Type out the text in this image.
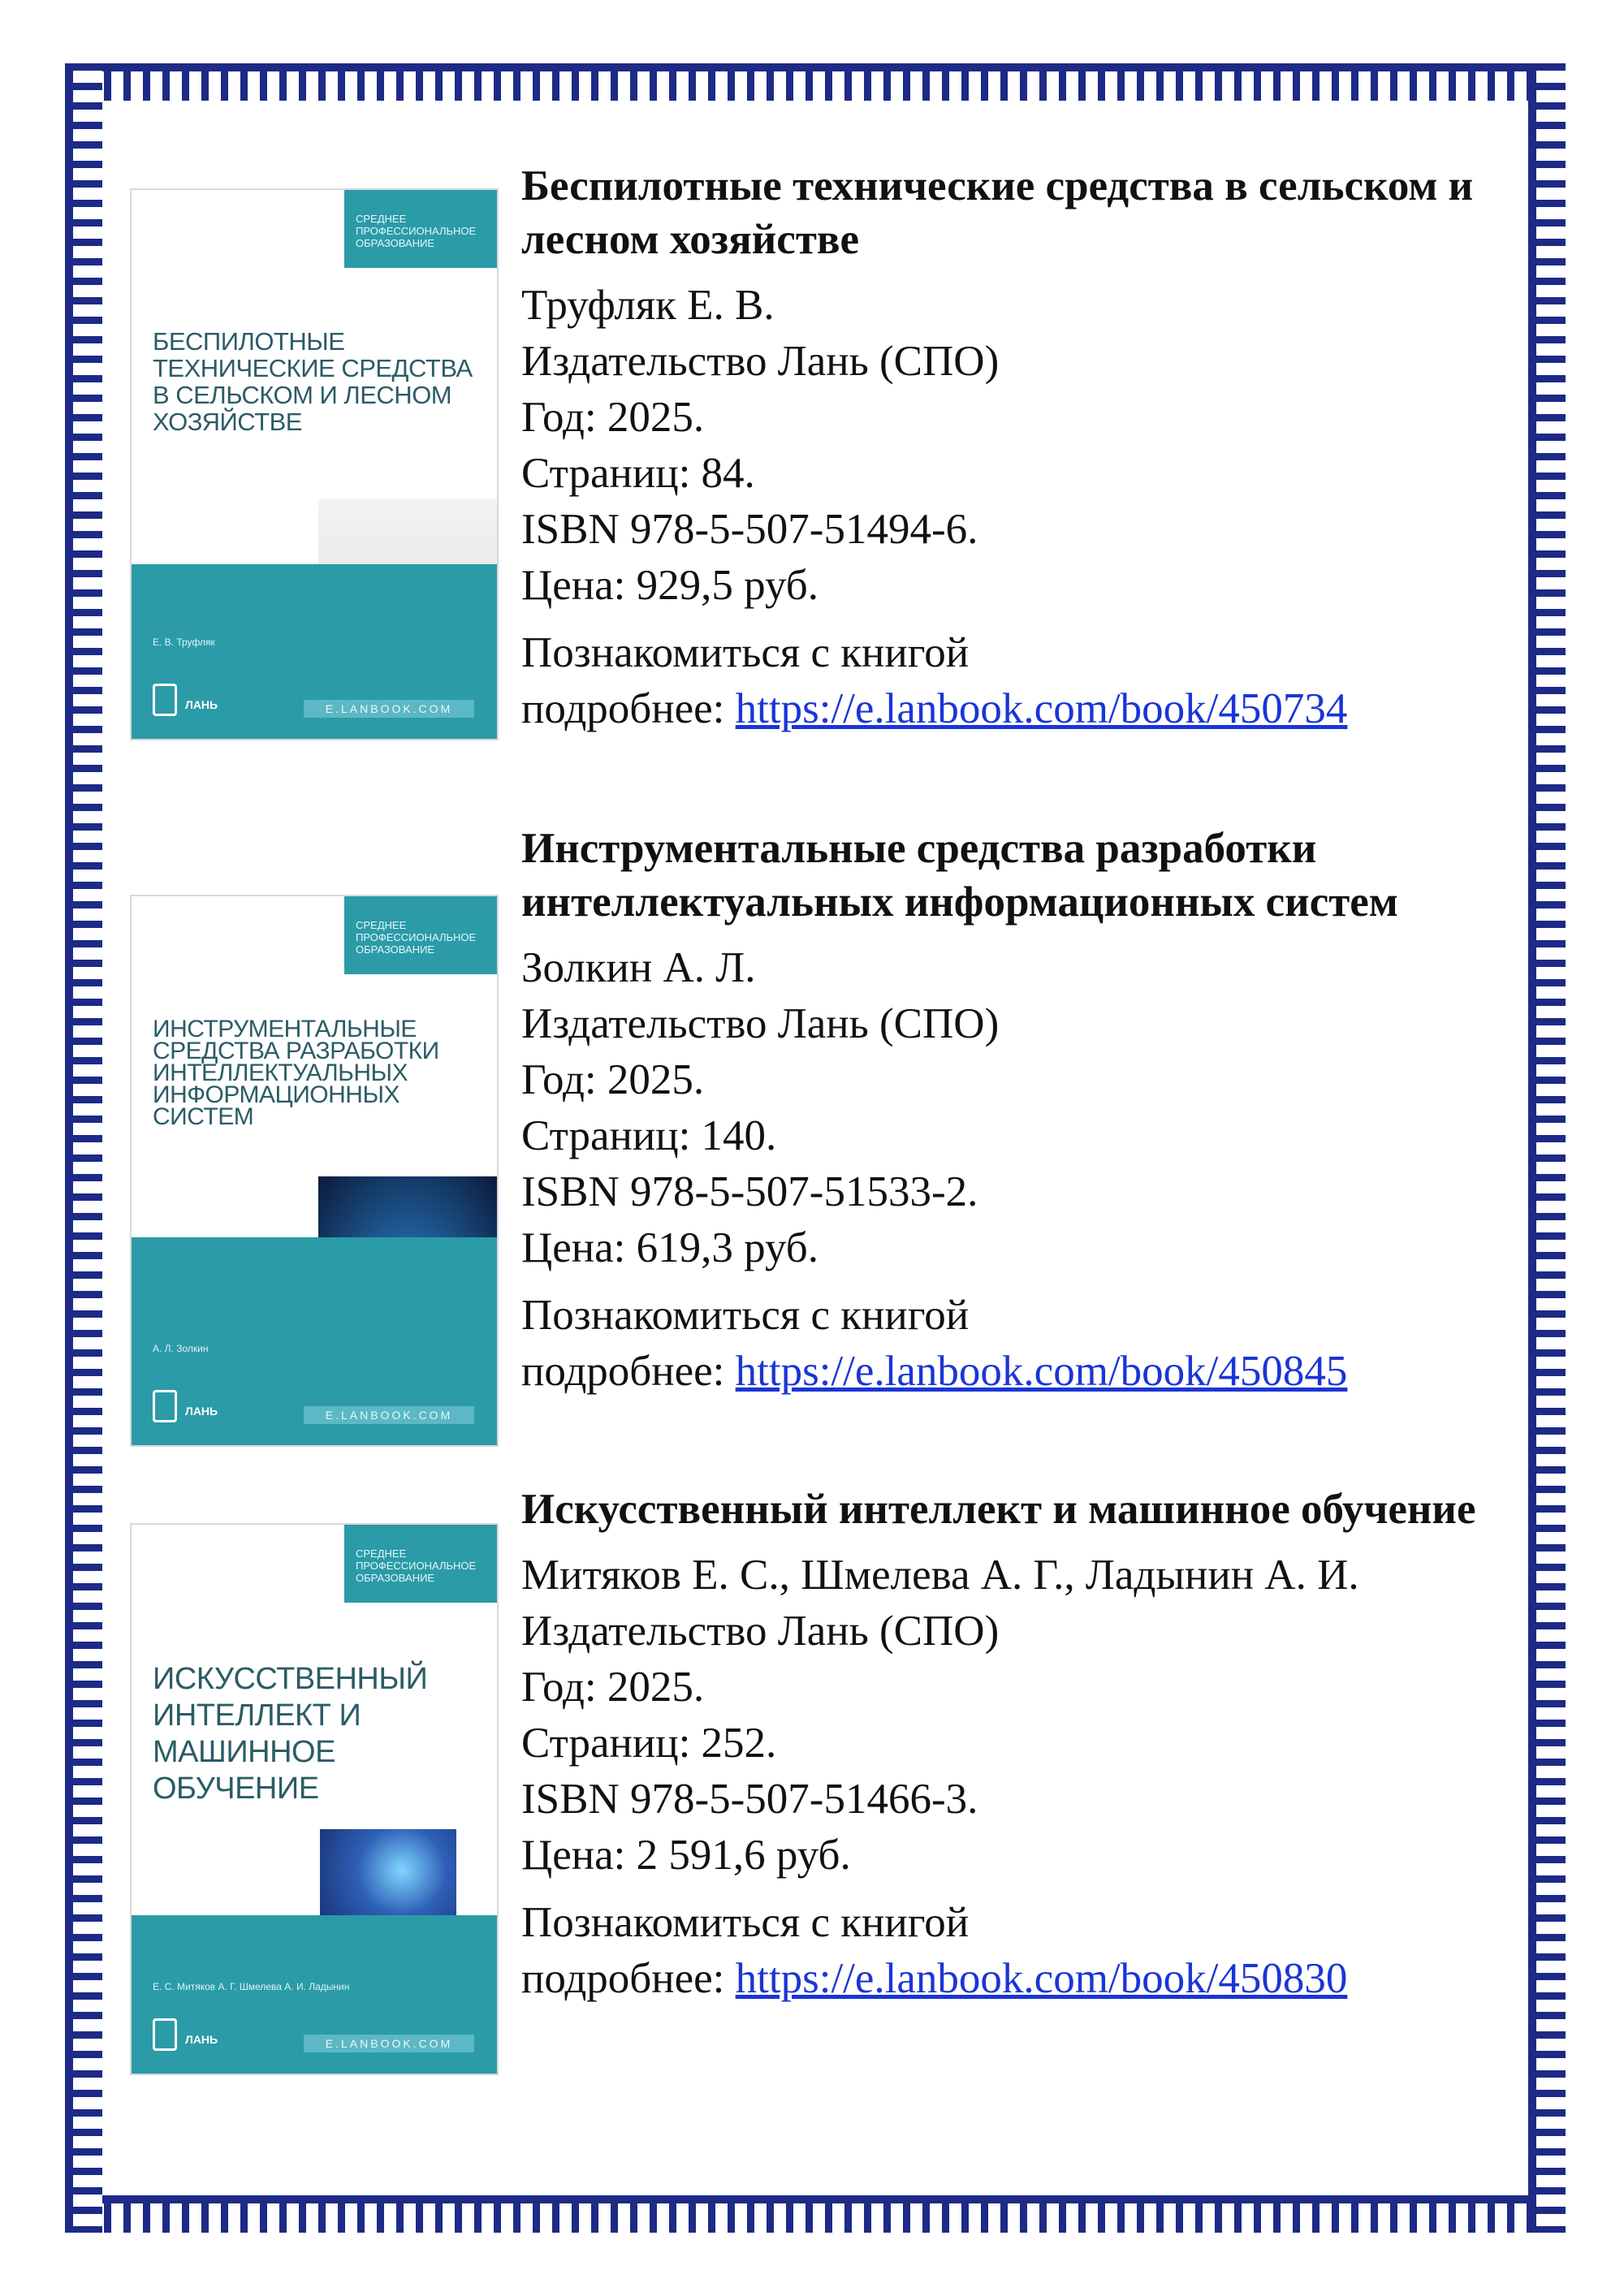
СРЕДНЕЕ ПРОФЕССИОНАЛЬНОЕ ОБРАЗОВАНИЕ
БЕСПИЛОТНЫЕ ТЕХНИЧЕСКИЕ СРЕДСТВА В СЕЛЬСКОМ И ЛЕСНОМ ХОЗЯЙСТВЕ
Е. В. Труфляк
ЛАНЬ	E.LANBOOK.COM
Беспилотные технические средства в сельском и лесном хозяйстве
Труфляк Е. В.
Издательство Лань (СПО)
Год: 2025.
Страниц: 84.
ISBN 978-5-507-51494-6.
Цена: 929,5 руб.
Познакомиться с книгой
подробнее: https://e.lanbook.com/book/450734
СРЕДНЕЕ ПРОФЕССИОНАЛЬНОЕ ОБРАЗОВАНИЕ
ИНСТРУМЕНТАЛЬНЫЕ СРЕДСТВА РАЗРАБОТКИ ИНТЕЛЛЕКТУАЛЬНЫХ ИНФОРМАЦИОННЫХ СИСТЕМ
А. Л. Золкин
ЛАНЬ	E.LANBOOK.COM
Инструментальные средства разработки интеллектуальных информационных систем
Золкин А. Л.
Издательство Лань (СПО)
Год: 2025.
Страниц: 140.
ISBN 978-5-507-51533-2.
Цена: 619,3 руб.
Познакомиться с книгой
подробнее: https://e.lanbook.com/book/450845
СРЕДНЕЕ ПРОФЕССИОНАЛЬНОЕ ОБРАЗОВАНИЕ
ИСКУССТВЕННЫЙ ИНТЕЛЛЕКТ И МАШИННОЕ ОБУЧЕНИЕ
Е. С. Митяков А. Г. Шмелева А. И. Ладынин
ЛАНЬ	E.LANBOOK.COM
Искусственный интеллект и машинное обучение
Митяков Е. С., Шмелева А. Г., Ладынин А. И.
Издательство Лань (СПО)
Год: 2025.
Страниц: 252.
ISBN 978-5-507-51466-3.
Цена: 2 591,6 руб.
Познакомиться с книгой
подробнее: https://e.lanbook.com/book/450830
